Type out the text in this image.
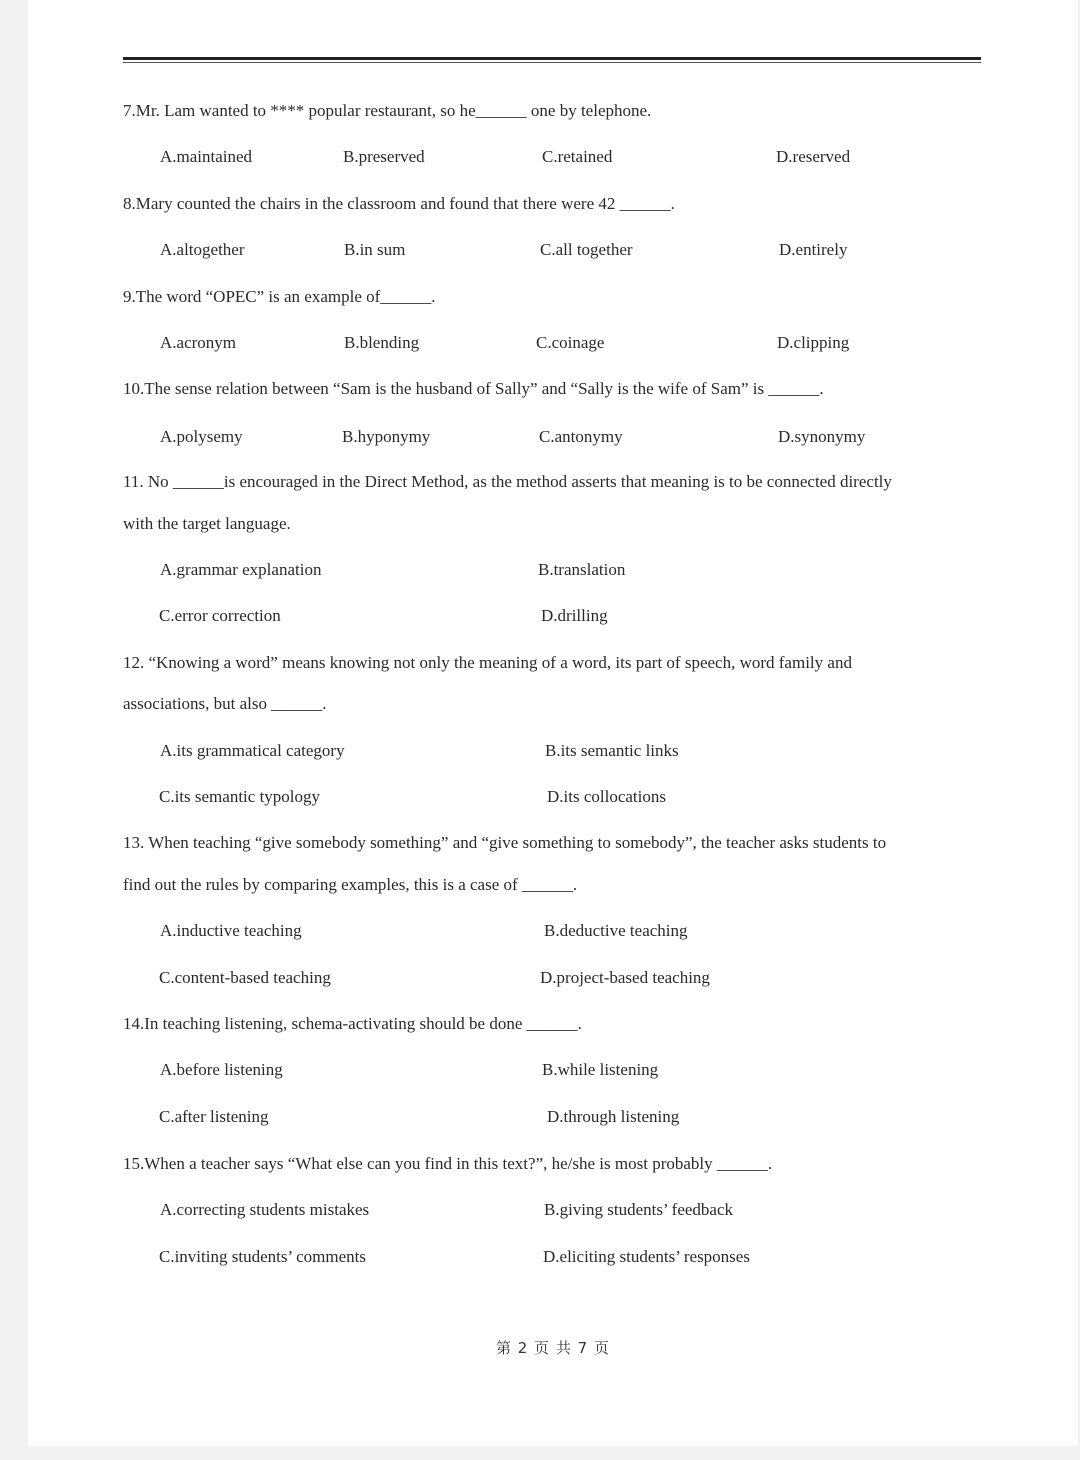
7.Mr. Lam wanted to **** popular restaurant, so he______ one by telephone.
A.maintained	B.preserved	C.retained	D.reserved
8.Mary counted the chairs in the classroom and found that there were 42 ______.
A.altogether	B.in sum	C.all together	D.entirely
9.The word “OPEC” is an example of______.
A.acronym	B.blending	C.coinage	D.clipping
10.The sense relation between “Sam is the husband of Sally” and “Sally is the wife of Sam” is ______.
A.polysemy	B.hyponymy	C.antonymy	D.synonymy
11. No ______is encouraged in the Direct Method, as the method asserts that meaning is to be connected directly
with the target language.
A.grammar explanation	B.translation
C.error correction	D.drilling
12. “Knowing a word” means knowing not only the meaning of a word, its part of speech, word family and
associations, but also ______.
A.its grammatical category	B.its semantic links
C.its semantic typology	D.its collocations
13. When teaching “give somebody something” and “give something to somebody”, the teacher asks students to
find out the rules by comparing examples, this is a case of ______.
A.inductive teaching	B.deductive teaching
C.content-based teaching	D.project-based teaching
14.In teaching listening, schema-activating should be done ______.
A.before listening	B.while listening
C.after listening	D.through listening
15.When a teacher says “What else can you find in this text?”, he/she is most probably ______.
A.correcting students mistakes	B.giving students’ feedback
C.inviting students’ comments	D.eliciting students’ responses
第 2 页 共 7 页
